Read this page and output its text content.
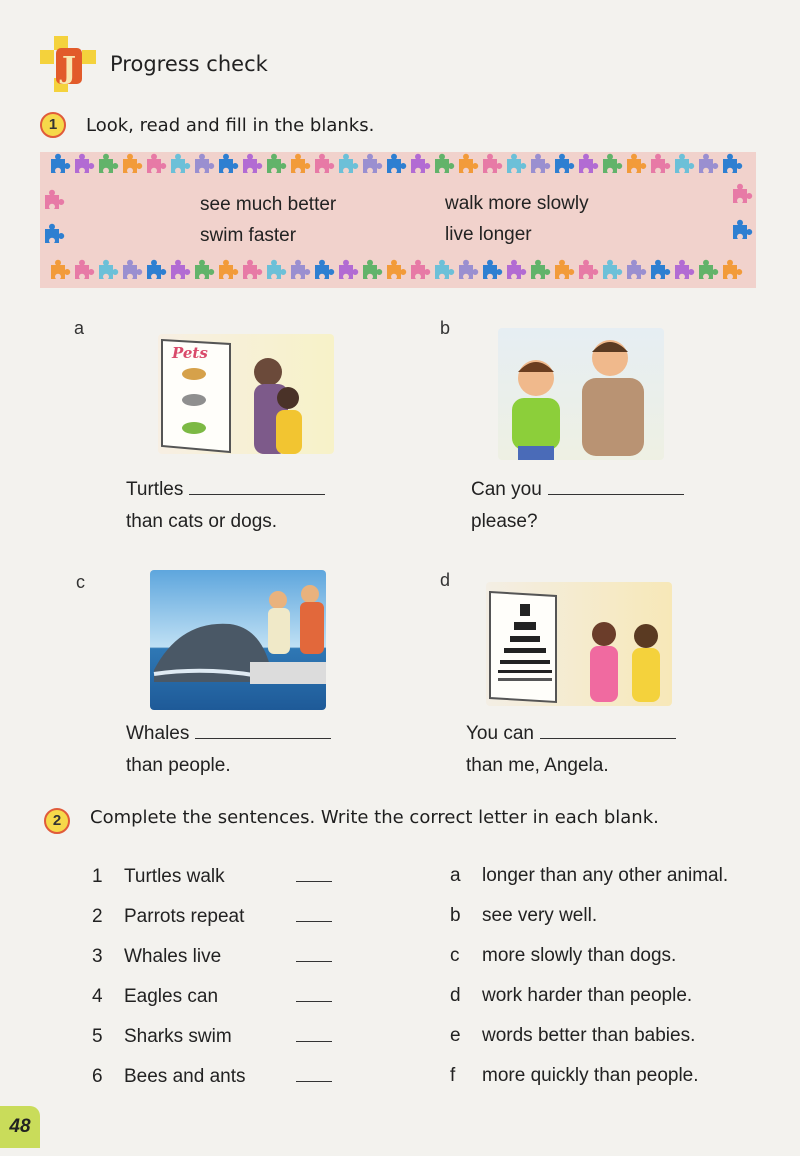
J Progress check
1	Look, read and fill in the blanks.
see much better	walk more slowly
swim faster	live longer
a
Pets
Turtles
than cats or dogs.
b
Can you
please?
c
Whales
than people.
d
You can
than me, Angela.
2	Complete the sentences. Write the correct letter in each blank.
1 Turtles walk
2 Parrots repeat
3 Whales live
4 Eagles can
5 Sharks swim
6 Bees and ants
a longer than any other animal.
b see very well.
c more slowly than dogs.
d work harder than people.
e words better than babies.
f more quickly than people.
48
